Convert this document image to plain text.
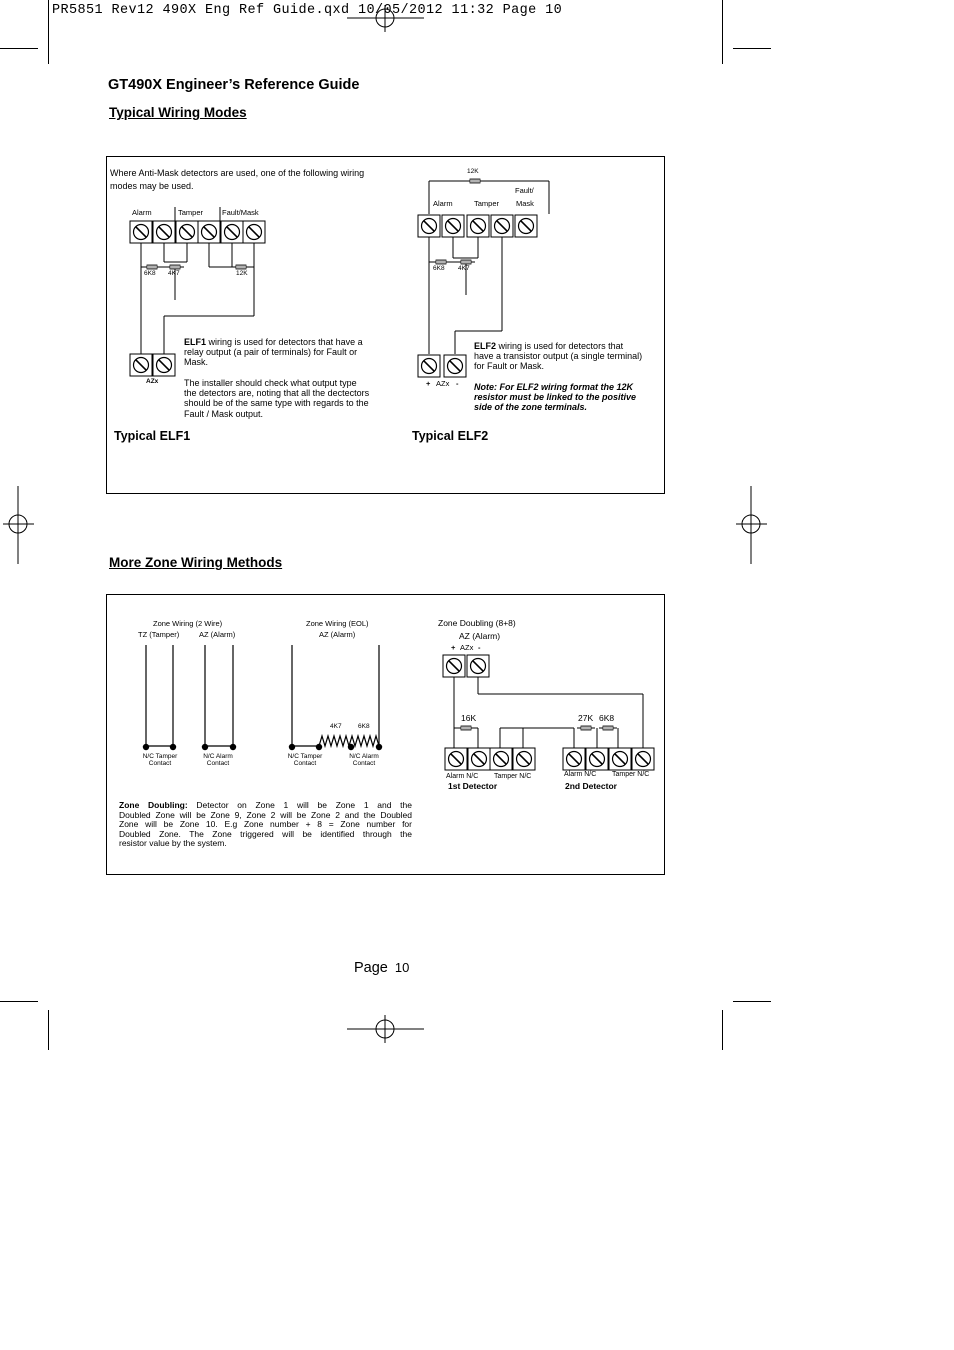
PR5851 Rev12 490X Eng Ref Guide.qxd 10/05/2012 11:32 Page 10
GT490X Engineer’s Reference Guide
Typical Wiring Modes
Where Anti-Mask detectors are used, one of the following wiring
modes may be used.
Alarm	Tamper	Fault/Mask
6K8 4K7	12K
AZx
ELF1 wiring is used for detectors that have a
relay output (a pair of terminals) for Fault or
Mask.
The installer should check what output type
the detectors are, noting that all the dectectors
should be of the same type with regards to the
Fault / Mask output.
Typical ELF1
12K
Fault/
Mask
Alarm	Tamper
6K8 4K7
+ AZx -
ELF2 wiring is used for detectors that
have a transistor output (a single terminal)
for Fault or Mask.
Note: For ELF2 wiring format the 12K
resistor must be linked to the positive
side of the zone terminals.
Typical ELF2
More Zone Wiring Methods
Zone Wiring (2 Wire)
TZ (Tamper)	AZ (Alarm)
N/C Tamper
Contact
N/C Alarm
Contact
Zone Wiring (EOL)
AZ (Alarm)
4K7	6K8
N/C Tamper
Contact
N/C Alarm
Contact
Zone Doubling (8+8)
AZ (Alarm)
+ AZx -
16K	27K 6K8
Alarm N/C Tamper N/C
1st Detector
Alarm N/C Tamper N/C
2nd Detector
Zone Doubling: Detector on Zone 1 will be Zone 1 and the
Doubled Zone will be Zone 9, Zone 2 will be Zone 2 and the Doubled
Zone will be Zone 10. E.g Zone number + 8 = Zone number for
Doubled Zone. The Zone triggered will be identified through the
resistor value by the system.
Page 10
